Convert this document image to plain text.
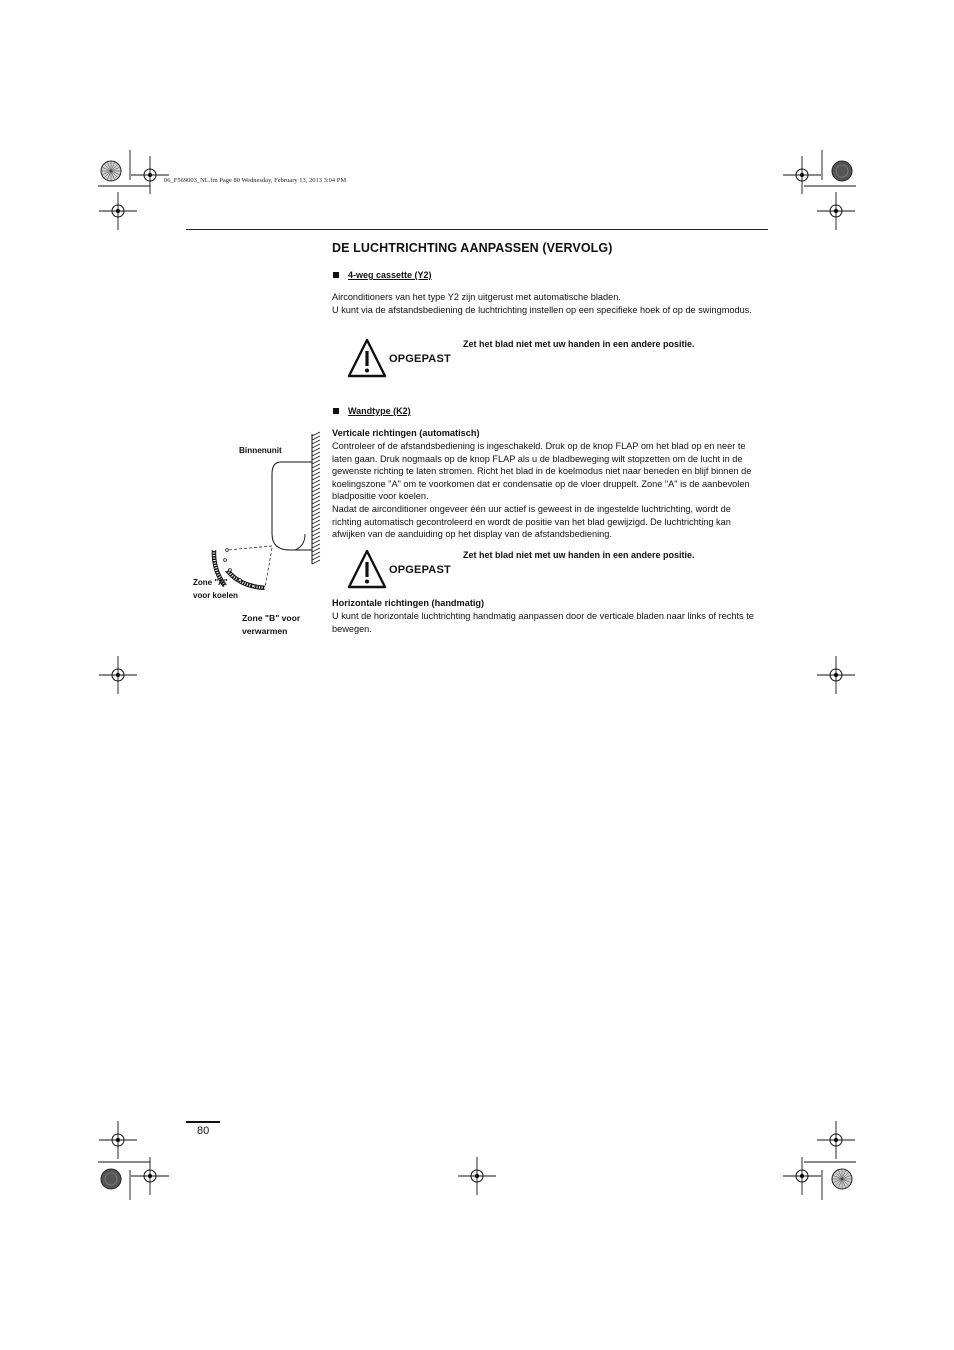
06_F569003_NL.fm Page 80 Wednesday, February 13, 2013 3:04 PM
DE LUCHTRICHTING AANPASSEN (VERVOLG)
4-weg cassette (Y2)

Airconditioners van het type Y2 zijn uitgerust met automatische bladen.

U kunt via de afstandsbediening de luchtrichting instellen op een specifieke hoek of op de swingmodus.

OPGEPAST
Zet het blad niet met uw handen in een andere positie.
Wandtype (K2)
Verticale richtingen (automatisch)

Controleer of de afstandsbediening is ingeschakeld. Druk op de knop FLAP om het blad op en neer te laten gaan. Druk nogmaals op de knop FLAP als u de bladbeweging wilt stopzetten om de lucht in de gewenste richting te laten stromen. Richt het blad in de koelmodus niet naar beneden en blijf binnen de koelingszone "A" om te voorkomen dat er condensatie op de vloer druppelt. Zone "A" is de aanbevolen bladpositie voor koelen.

Nadat de airconditioner ongeveer één uur actief is geweest in de ingestelde luchtrichting, wordt de richting automatisch gecontroleerd en wordt de positie van het blad gewijzigd. De luchtrichting kan afwijken van de aanduiding op het display van de afstandsbediening.

OPGEPAST
Zet het blad niet met uw handen in een andere positie.
Horizontale richtingen (handmatig)

U kunt de horizontale luchtrichting handmatig aanpassen door de verticale bladen naar links of rechts te bewegen.

Binnenunit
Zone "A" voor koelen
Zone "B" voor verwarmen
80
